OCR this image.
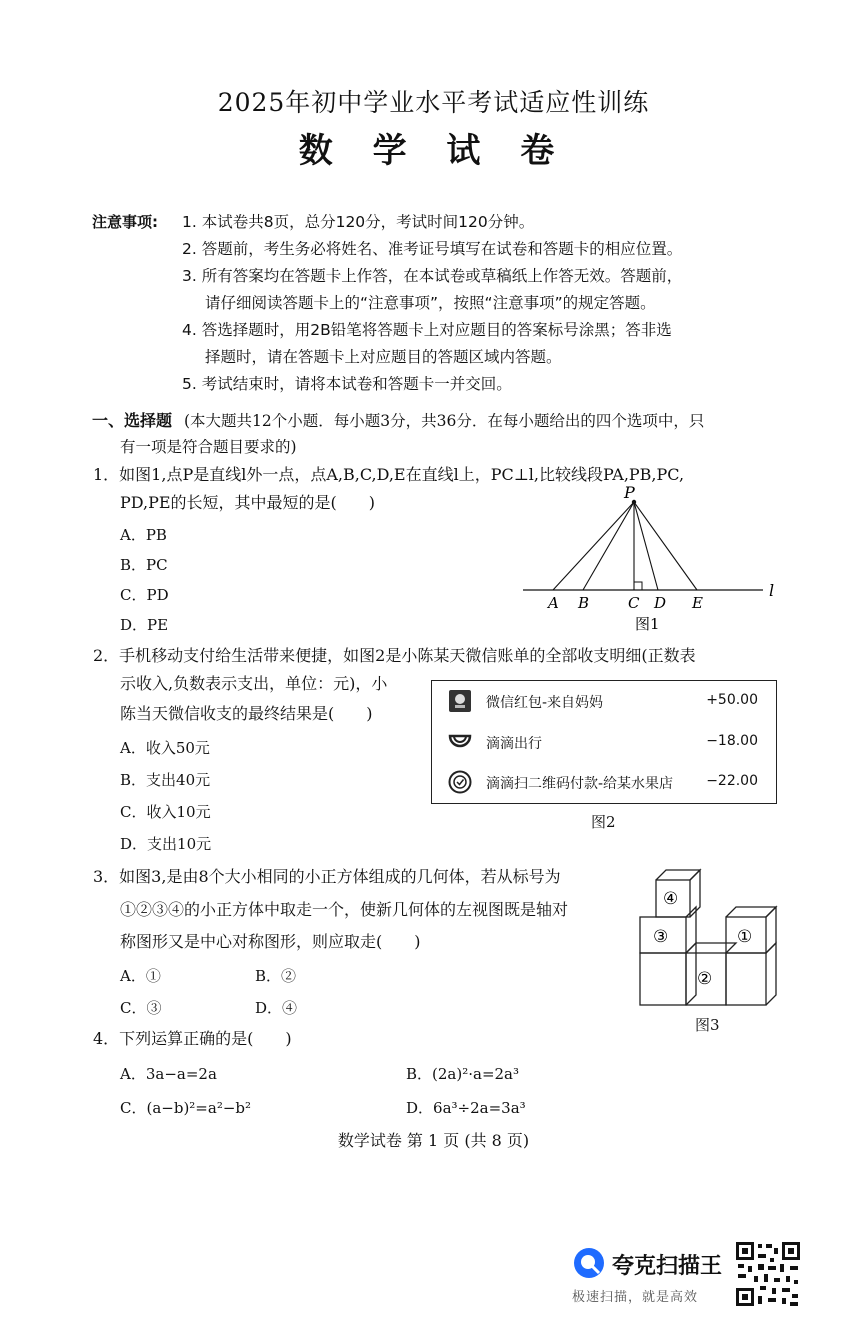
2025年初中学业水平考试适应性训练
数 学 试 卷
注意事项: 1. 本试卷共8页，总分120分，考试时间120分钟。
2. 答题前，考生务必将姓名、准考证号填写在试卷和答题卡的相应位置。
3. 所有答案均在答题卡上作答，在本试卷或草稿纸上作答无效。答题前，
请仔细阅读答题卡上的“注意事项”，按照“注意事项”的规定答题。
4. 答选择题时，用2B铅笔将答题卡上对应题目的答案标号涂黑；答非选
择题时，请在答题卡上对应题目的答题区域内答题。
5. 考试结束时，请将本试卷和答题卡一并交回。
一、选择题 (本大题共12个小题．每小题3分，共36分．在每小题给出的四个选项中，只
有一项是符合题目要求的)
1．如图1,点P是直线l外一点，点A,B,C,D,E在直线l上，PC⊥l,比较线段PA,PB,PC,
PD,PE的长短，其中最短的是(　　)
A．PB
B．PC
C．PD
D．PE
P
l
A B	C D E
图1
2．手机移动支付给生活带来便捷，如图2是小陈某天微信账单的全部收支明细(正数表
示收入,负数表示支出，单位：元)，小
陈当天微信收支的最终结果是(　　)
A．收入50元
B．支出40元
C．收入10元
D．支出10元
微信红包-来自妈妈	+50.00
滴滴出行	−18.00
滴滴扫二维码付款-给某水果店 −22.00
图2
3．如图3,是由8个大小相同的小正方体组成的几何体，若从标号为
①②③④的小正方体中取走一个，使新几何体的左视图既是轴对
称图形又是中心对称图形，则应取走(　　)
A．①	B．②
C．③	D．④
④
③
②
①
图3
4．下列运算正确的是(　　)
A．3a−a=2a	B．(2a)²·a=2a³
C．(a−b)²=a²−b²	D．6a³÷2a=3a³
数学试卷 第 1 页 (共 8 页)
夸克扫描王
极速扫描，就是高效
